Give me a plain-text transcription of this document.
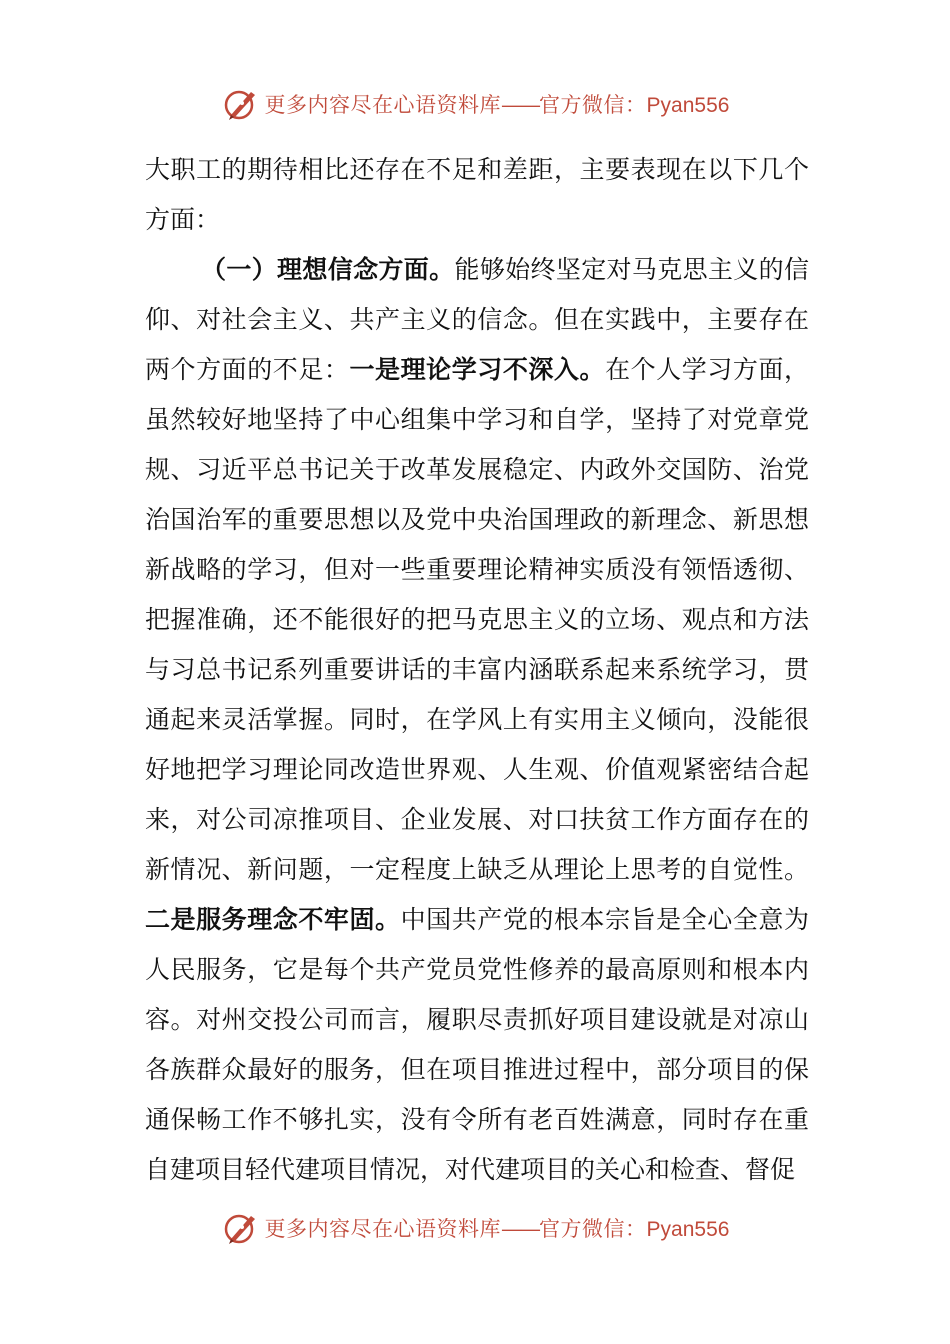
更多内容尽在心语资料库——官方微信：Pyan556
大职工的期待相比还存在不足和差距，主要表现在以下几个
方面：
（一）理想信念方面。能够始终坚定对马克思主义的信
仰、对社会主义、共产主义的信念。但在实践中，主要存在
两个方面的不足：一是理论学习不深入。在个人学习方面，
虽然较好地坚持了中心组集中学习和自学，坚持了对党章党
规、习近平总书记关于改革发展稳定、内政外交国防、治党
治国治军的重要思想以及党中央治国理政的新理念、新思想
新战略的学习，但对一些重要理论精神实质没有领悟透彻、
把握准确，还不能很好的把马克思主义的立场、观点和方法
与习总书记系列重要讲话的丰富内涵联系起来系统学习，贯
通起来灵活掌握。同时，在学风上有实用主义倾向，没能很
好地把学习理论同改造世界观、人生观、价值观紧密结合起
来，对公司凉推项目、企业发展、对口扶贫工作方面存在的
新情况、新问题，一定程度上缺乏从理论上思考的自觉性。
二是服务理念不牢固。中国共产党的根本宗旨是全心全意为
人民服务，它是每个共产党员党性修养的最高原则和根本内
容。对州交投公司而言，履职尽责抓好项目建设就是对凉山
各族群众最好的服务，但在项目推进过程中，部分项目的保
通保畅工作不够扎实，没有令所有老百姓满意，同时存在重
自建项目轻代建项目情况，对代建项目的关心和检查、督促
更多内容尽在心语资料库——官方微信：Pyan556
